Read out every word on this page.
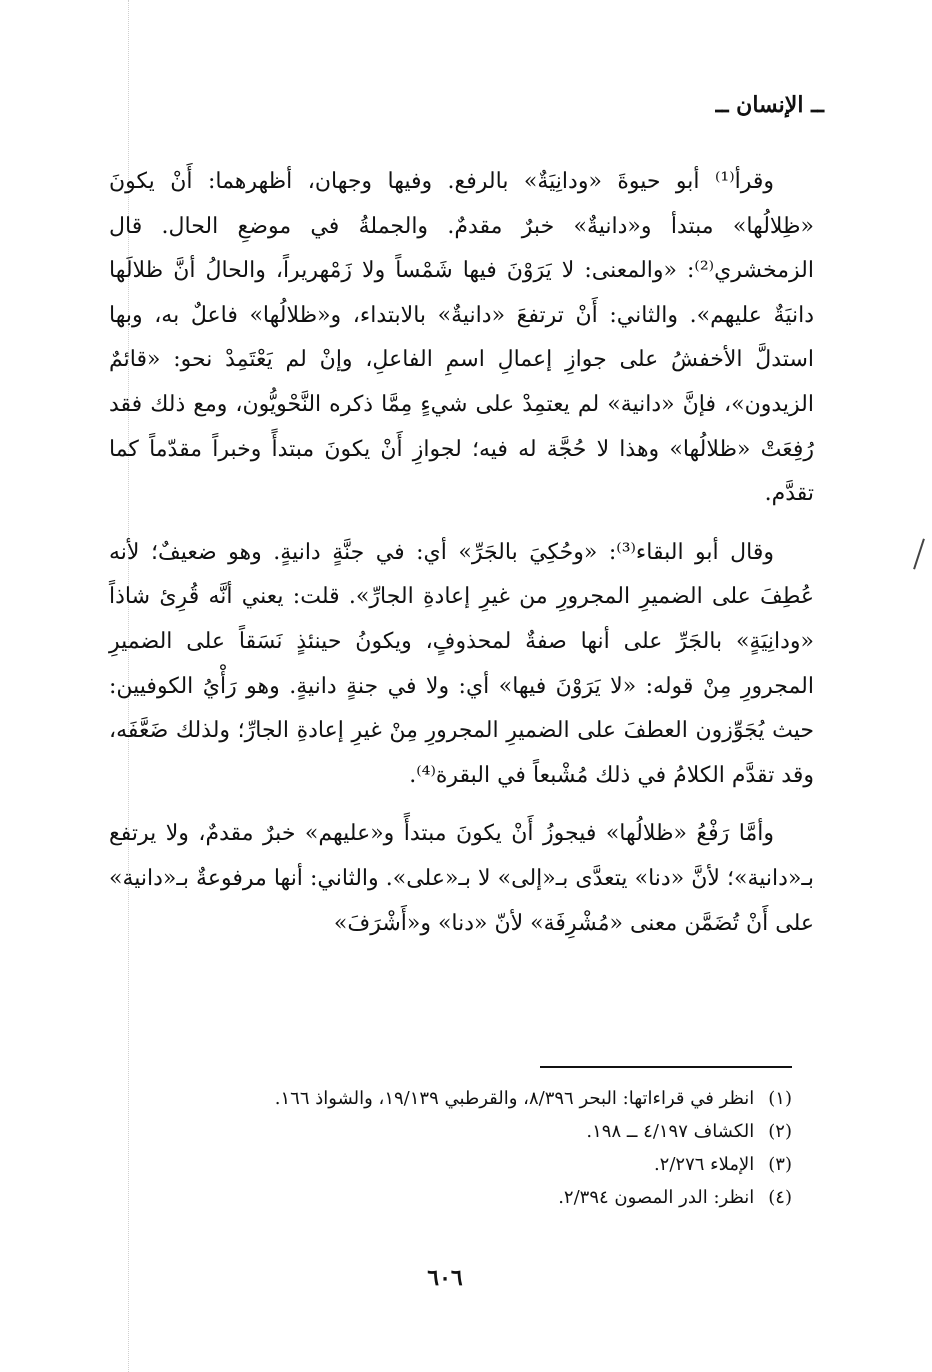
ــ الإنسان ــ

وقرأ⁽¹⁾ أبو حيوةَ «ودانِيَةٌ» بالرفع. وفيها وجهان، أظهرهما: أَنْ يكونَ «ظِلالُها» مبتدأ و«دانيةٌ» خبرٌ مقدمٌ. والجملةُ في موضعِ الحال. قال الزمخشري⁽²⁾: «والمعنى: لا يَرَوْنَ فيها شَمْساً ولا زَمْهريراً، والحالُ أنَّ ظلالَها دانيَةٌ عليهم». والثاني: أَنْ ترتفعَ «دانيةٌ» بالابتداء، و«ظلالُها» فاعلٌ به، وبها استدلَّ الأخفشُ على جوازِ إعمالِ اسمِ الفاعلِ، وإنْ لم يَعْتَمِدْ نحو: «قائمٌ الزيدون»، فإنَّ «دانية» لم يعتمِدْ على شيءٍ مِمَّا ذكره النَّحْويُّون، ومع ذلك فقد رُفِعَتْ «ظلالُها» وهذا لا حُجَّة له فيه؛ لجوازِ أَنْ يكونَ مبتدأً وخبراً مقدّماً كما تقدَّم.

وقال أبو البقاء⁽³⁾: «وحُكِيَ بالجَرِّ» أي: في جنَّةٍ دانيةٍ. وهو ضعيفٌ؛ لأنه عُطِفَ على الضميرِ المجرورِ من غيرِ إعادةِ الجارِّ». قلت: يعني أنَّه قُرِئ شاذاً «ودانِيَةٍ» بالجَرِّ على أنها صفةٌ لمحذوفٍ، ويكونُ حينئذٍ نَسَقاً على الضميرِ المجرورِ مِنْ قوله: «لا يَرَوْنَ فيها» أي: ولا في جنةٍ دانيةٍ. وهو رَأْيُ الكوفيين: حيث يُجَوِّزون العطفَ على الضميرِ المجرورِ مِنْ غيرِ إعادةِ الجارِّ؛ ولذلك ضَعَّفَه، وقد تقدَّم الكلامُ في ذلك مُشْبعاً في البقرة⁽⁴⁾.

وأمَّا رَفْعُ «ظلالُها» فيجوزُ أَنْ يكونَ مبتدأً و«عليهم» خبرٌ مقدمٌ، ولا يرتفع بـ«دانية»؛ لأنَّ «دنا» يتعدَّى بـ«إلى» لا بـ«على». والثاني: أنها مرفوعةٌ بـ«دانية» على أَنْ تُضَمَّن معنى «مُشْرِفَة» لأنّ «دنا» و«أَشْرَفَ»

(١) انظر في قراءاتها: البحر ٨/٣٩٦، والقرطبي ١٩/١٣٩، والشواذ ١٦٦.
(٢) الكشاف ٤/١٩٧ ــ ١٩٨.
(٣) الإملاء ٢/٢٧٦.
(٤) انظر: الدر المصون ٢/٣٩٤.
٦٠٦
